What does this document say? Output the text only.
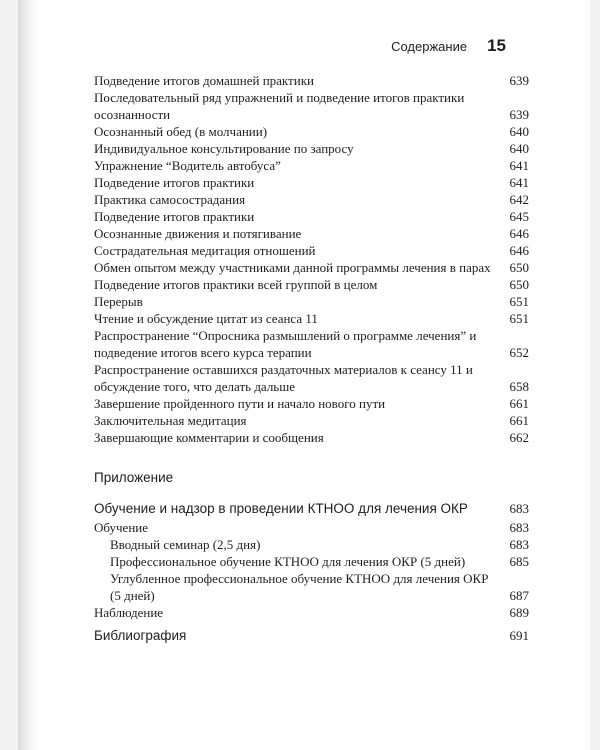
Содержание 15
Подведение итогов домашней практики	639
Последовательный ряд упражнений и подведение итогов практики осознанности	639
Осознанный обед (в молчании)	640
Индивидуальное консультирование по запросу	640
Упражнение “Водитель автобуса”	641
Подведение итогов практики	641
Практика самосострадания	642
Подведение итогов практики	645
Осознанные движения и потягивание	646
Сострадательная медитация отношений	646
Обмен опытом между участниками данной программы лечения в парах 650
Подведение итогов практики всей группой в целом	650
Перерыв	651
Чтение и обсуждение цитат из сеанса 11	651
Распространение “Опросника размышлений о программе лечения” и подведение итогов всего курса терапии	652
Распространение оставшихся раздаточных материалов к сеансу 11 и обсуждение того, что делать дальше	658
Завершение пройденного пути и начало нового пути	661
Заключительная медитация	661
Завершающие комментарии и сообщения	662
Приложение
Обучение и надзор в проведении КТНОО для лечения ОКР	683
Обучение	683
Вводный семинар (2,5 дня)	683
Профессиональное обучение КТНОО для лечения ОКР (5 дней)	685
Углубленное профессиональное обучение КТНОО для лечения ОКР (5 дней)	687
Наблюдение	689
Библиография	691
